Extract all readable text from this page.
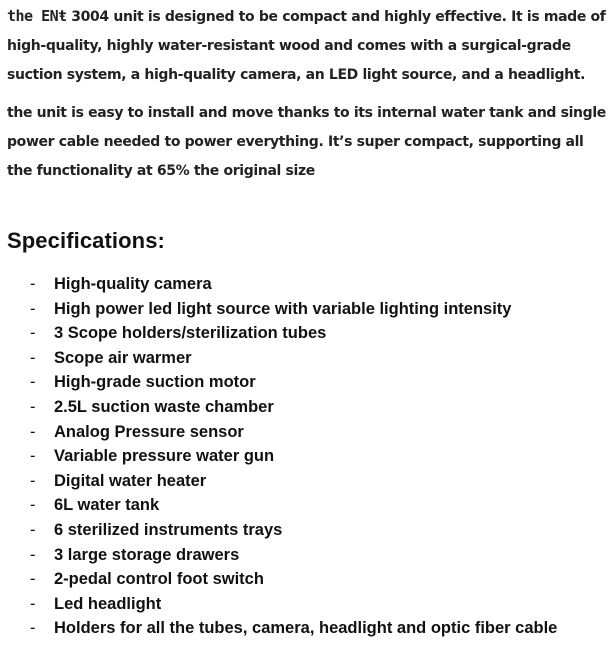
the ENŧ 3004 unit is designed to be compact and highly effective. It is made of high-quality, highly water-resistant wood and comes with a surgical-grade suction system, a high-quality camera, an LED light source, and a headlight.

the unit is easy to install and move thanks to its internal water tank and single power cable needed to power everything. It’s super compact, supporting all the functionality at 65% the original size

Specifications:
- High-quality camera
- High power led light source with variable lighting intensity
- 3 Scope holders/sterilization tubes
- Scope air warmer
- High-grade suction motor
- 2.5L suction waste chamber
- Analog Pressure sensor
- Variable pressure water gun
- Digital water heater
- 6L water tank
- 6 sterilized instruments trays
- 3 large storage drawers
- 2-pedal control foot switch
- Led headlight
- Holders for all the tubes, camera, headlight and optic fiber cable
